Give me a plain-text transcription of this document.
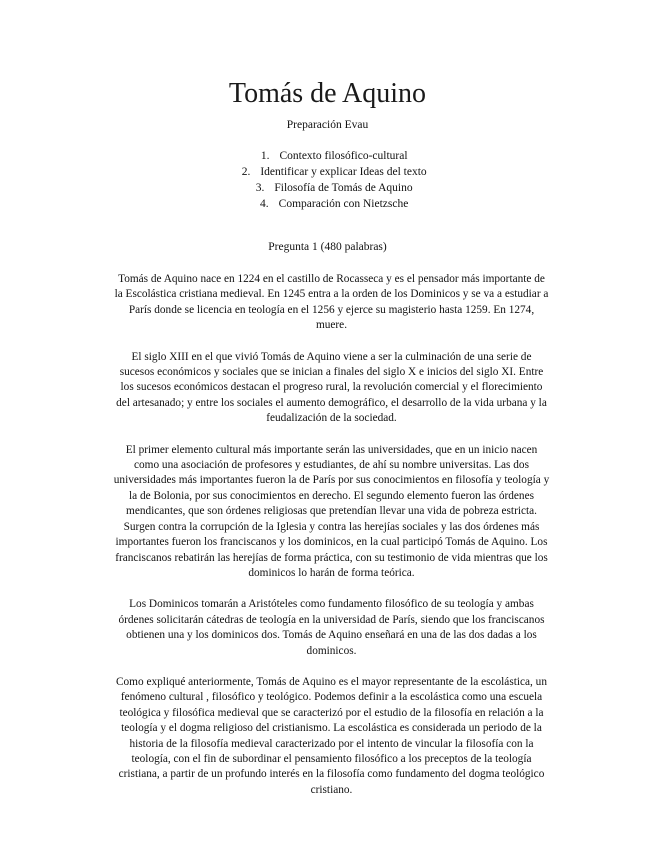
Tomás de Aquino
Preparación Evau
1. Contexto filosófico-cultural
2. Identificar y explicar Ideas del texto
3. Filosofía de Tomás de Aquino
4. Comparación con Nietzsche
Pregunta 1 (480 palabras)

Tomás de Aquino nace en 1224 en el castillo de Rocasseca y es el pensador más importante de la Escolástica cristiana medieval. En 1245 entra a la orden de los Dominicos y se va a estudiar a París donde se licencia en teología en el 1256 y ejerce su magisterio hasta 1259. En 1274, muere.

El siglo XIII en el que vivió Tomás de Aquino viene a ser la culminación de una serie de sucesos económicos y sociales que se inician a finales del siglo X e inicios del siglo XI. Entre los sucesos económicos destacan el progreso rural, la revolución comercial y el florecimiento del artesanado; y entre los sociales el aumento demográfico, el desarrollo de la vida urbana y la feudalización de la sociedad.

El primer elemento cultural más importante serán las universidades, que en un inicio nacen como una asociación de profesores y estudiantes, de ahí su nombre universitas. Las dos universidades más importantes fueron la de París por sus conocimientos en filosofía y teología y la de Bolonia, por sus conocimientos en derecho. El segundo elemento fueron las órdenes mendicantes, que son órdenes religiosas que pretendían llevar una vida de pobreza estricta. Surgen contra la corrupción de la Iglesia y contra las herejías sociales y las dos órdenes más importantes fueron los franciscanos y los dominicos, en la cual participó Tomás de Aquino. Los franciscanos rebatirán las herejías de forma práctica, con su testimonio de vida mientras que los dominicos lo harán de forma teórica.

Los Dominicos tomarán a Aristóteles como fundamento filosófico de su teología y ambas órdenes solicitarán cátedras de teología en la universidad de París, siendo que los franciscanos obtienen una y los dominicos dos. Tomás de Aquino enseñará en una de las dos dadas a los dominicos.

Como expliqué anteriormente, Tomás de Aquino es el mayor representante de la escolástica, un fenómeno cultural , filosófico y teológico. Podemos definir a la escolástica como una escuela teológica y filosófica medieval que se caracterizó por el estudio de la filosofía en relación a la teología y el dogma religioso del cristianismo. La escolástica es considerada un periodo de la historia de la filosofía medieval caracterizado por el intento de vincular la filosofía con la teología, con el fin de subordinar el pensamiento filosófico a los preceptos de la teología cristiana, a partir de un profundo interés en la filosofía como fundamento del dogma teológico cristiano.
